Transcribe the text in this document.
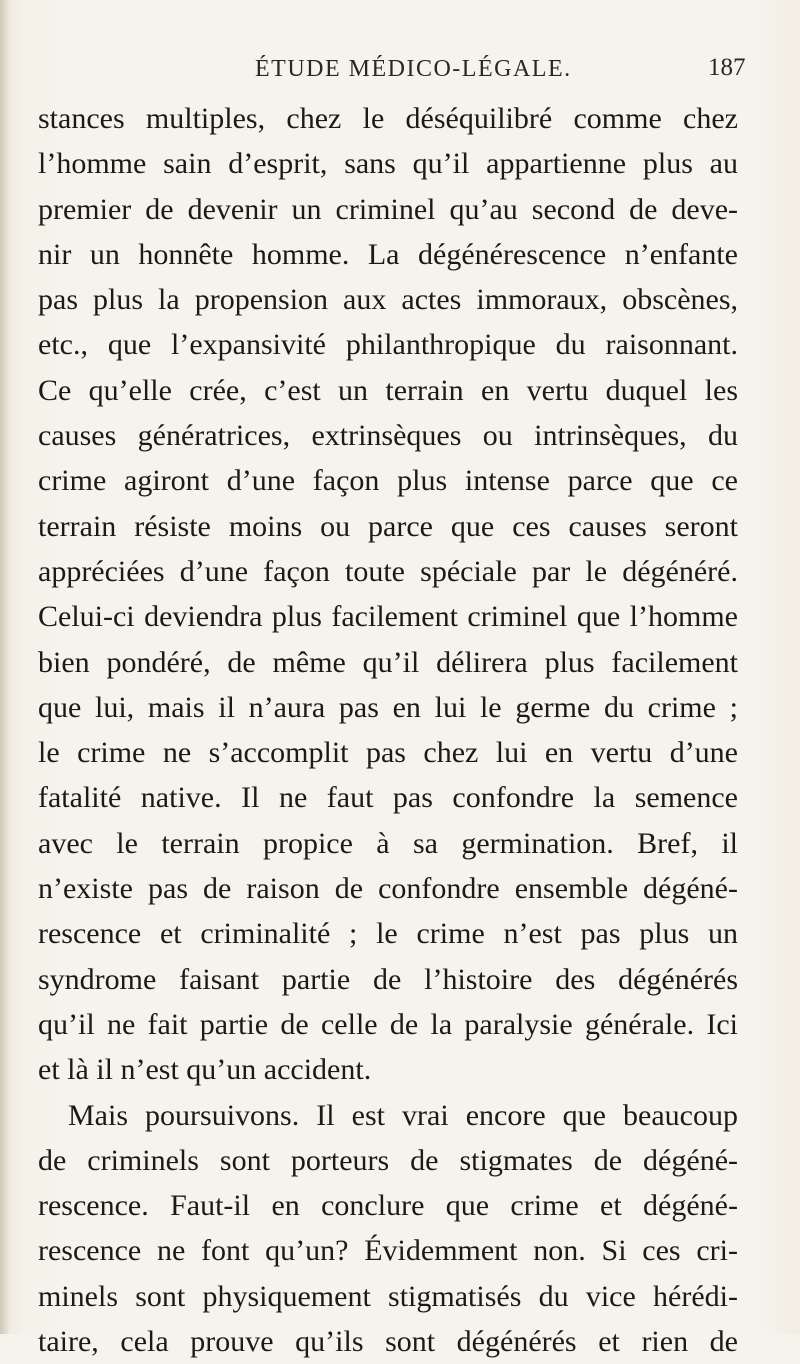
ÉTUDE MÉDICO-LÉGALE.	187
stances multiples, chez le déséquilibré comme chez
l’homme sain d’esprit, sans qu’il appartienne plus au
premier de devenir un criminel qu’au second de deve-
nir un honnête homme. La dégénérescence n’enfante
pas plus la propension aux actes immoraux, obscènes,
etc., que l’expansivité philanthropique du raisonnant.
Ce qu’elle crée, c’est un terrain en vertu duquel les
causes génératrices, extrinsèques ou intrinsèques, du
crime agiront d’une façon plus intense parce que ce
terrain résiste moins ou parce que ces causes seront
appréciées d’une façon toute spéciale par le dégénéré.
Celui-ci deviendra plus facilement criminel que l’homme
bien pondéré, de même qu’il délirera plus facilement
que lui, mais il n’aura pas en lui le germe du crime ;
le crime ne s’accomplit pas chez lui en vertu d’une
fatalité native. Il ne faut pas confondre la semence
avec le terrain propice à sa germination. Bref, il
n’existe pas de raison de confondre ensemble dégéné-
rescence et criminalité ; le crime n’est pas plus un
syndrome faisant partie de l’histoire des dégénérés
qu’il ne fait partie de celle de la paralysie générale. Ici
et là il n’est qu’un accident.
Mais poursuivons. Il est vrai encore que beaucoup
de criminels sont porteurs de stigmates de dégéné-
rescence. Faut-il en conclure que crime et dégéné-
rescence ne font qu’un? Évidemment non. Si ces cri-
minels sont physiquement stigmatisés du vice hérédi-
taire, cela prouve qu’ils sont dégénérés et rien de
